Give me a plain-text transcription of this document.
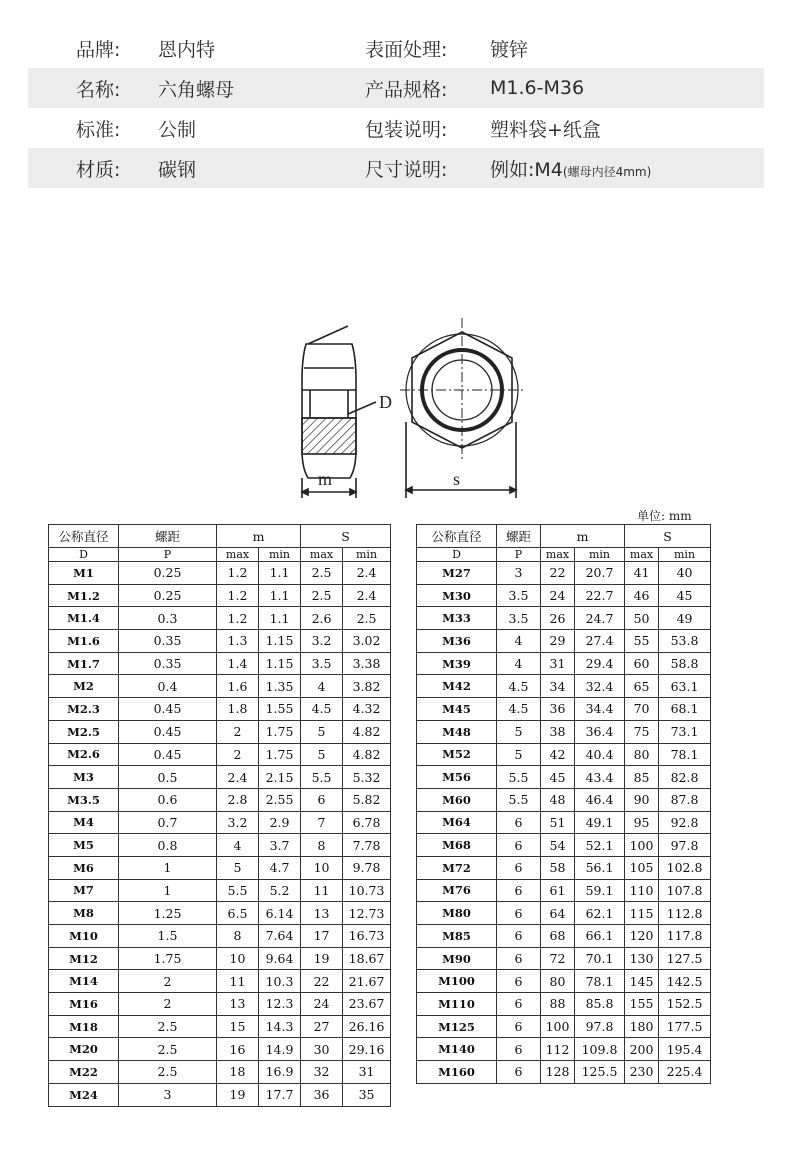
品牌: 恩内特	表面处理: 镀锌
名称: 六角螺母	产品规格: M1.6-M36
标准: 公制	包装说明: 塑料袋+纸盒
材质: 碳钢	尺寸说明: 例如:M4(螺母内径4mm)
D
m	s
单位: mm
公称直径	螺距	m		S	
D	P	max	min	max	min
M1	0.25	1.2	1.1	2.5	2.4
M1.2	0.25	1.2	1.1	2.5	2.4
M1.4	0.3	1.2	1.1	2.6	2.5
M1.6	0.35	1.3	1.15	3.2	3.02
M1.7	0.35	1.4	1.15	3.5	3.38
M2	0.4	1.6	1.35	4	3.82
M2.3	0.45	1.8	1.55	4.5	4.32
M2.5	0.45	2	1.75	5	4.82
M2.6	0.45	2	1.75	5	4.82
M3	0.5	2.4	2.15	5.5	5.32
M3.5	0.6	2.8	2.55	6	5.82
M4	0.7	3.2	2.9	7	6.78
M5	0.8	4	3.7	8	7.78
M6	1	5	4.7	10	9.78
M7	1	5.5	5.2	11	10.73
M8	1.25	6.5	6.14	13	12.73
M10	1.5	8	7.64	17	16.73
M12	1.75	10	9.64	19	18.67
M14	2	11	10.3	22	21.67
M16	2	13	12.3	24	23.67
M18	2.5	15	14.3	27	26.16
M20	2.5	16	14.9	30	29.16
M22	2.5	18	16.9	32	31
M24	3	19	17.7	36	35
公称直径	螺距	m		S	
D	P	max	min	max	min
M27	3	22	20.7	41	40
M30	3.5	24	22.7	46	45
M33	3.5	26	24.7	50	49
M36	4	29	27.4	55	53.8
M39	4	31	29.4	60	58.8
M42	4.5	34	32.4	65	63.1
M45	4.5	36	34.4	70	68.1
M48	5	38	36.4	75	73.1
M52	5	42	40.4	80	78.1
M56	5.5	45	43.4	85	82.8
M60	5.5	48	46.4	90	87.8
M64	6	51	49.1	95	92.8
M68	6	54	52.1	100	97.8
M72	6	58	56.1	105	102.8
M76	6	61	59.1	110	107.8
M80	6	64	62.1	115	112.8
M85	6	68	66.1	120	117.8
M90	6	72	70.1	130	127.5
M100	6	80	78.1	145	142.5
M110	6	88	85.8	155	152.5
M125	6	100	97.8	180	177.5
M140	6	112	109.8	200	195.4
M160	6	128	125.5	230	225.4
